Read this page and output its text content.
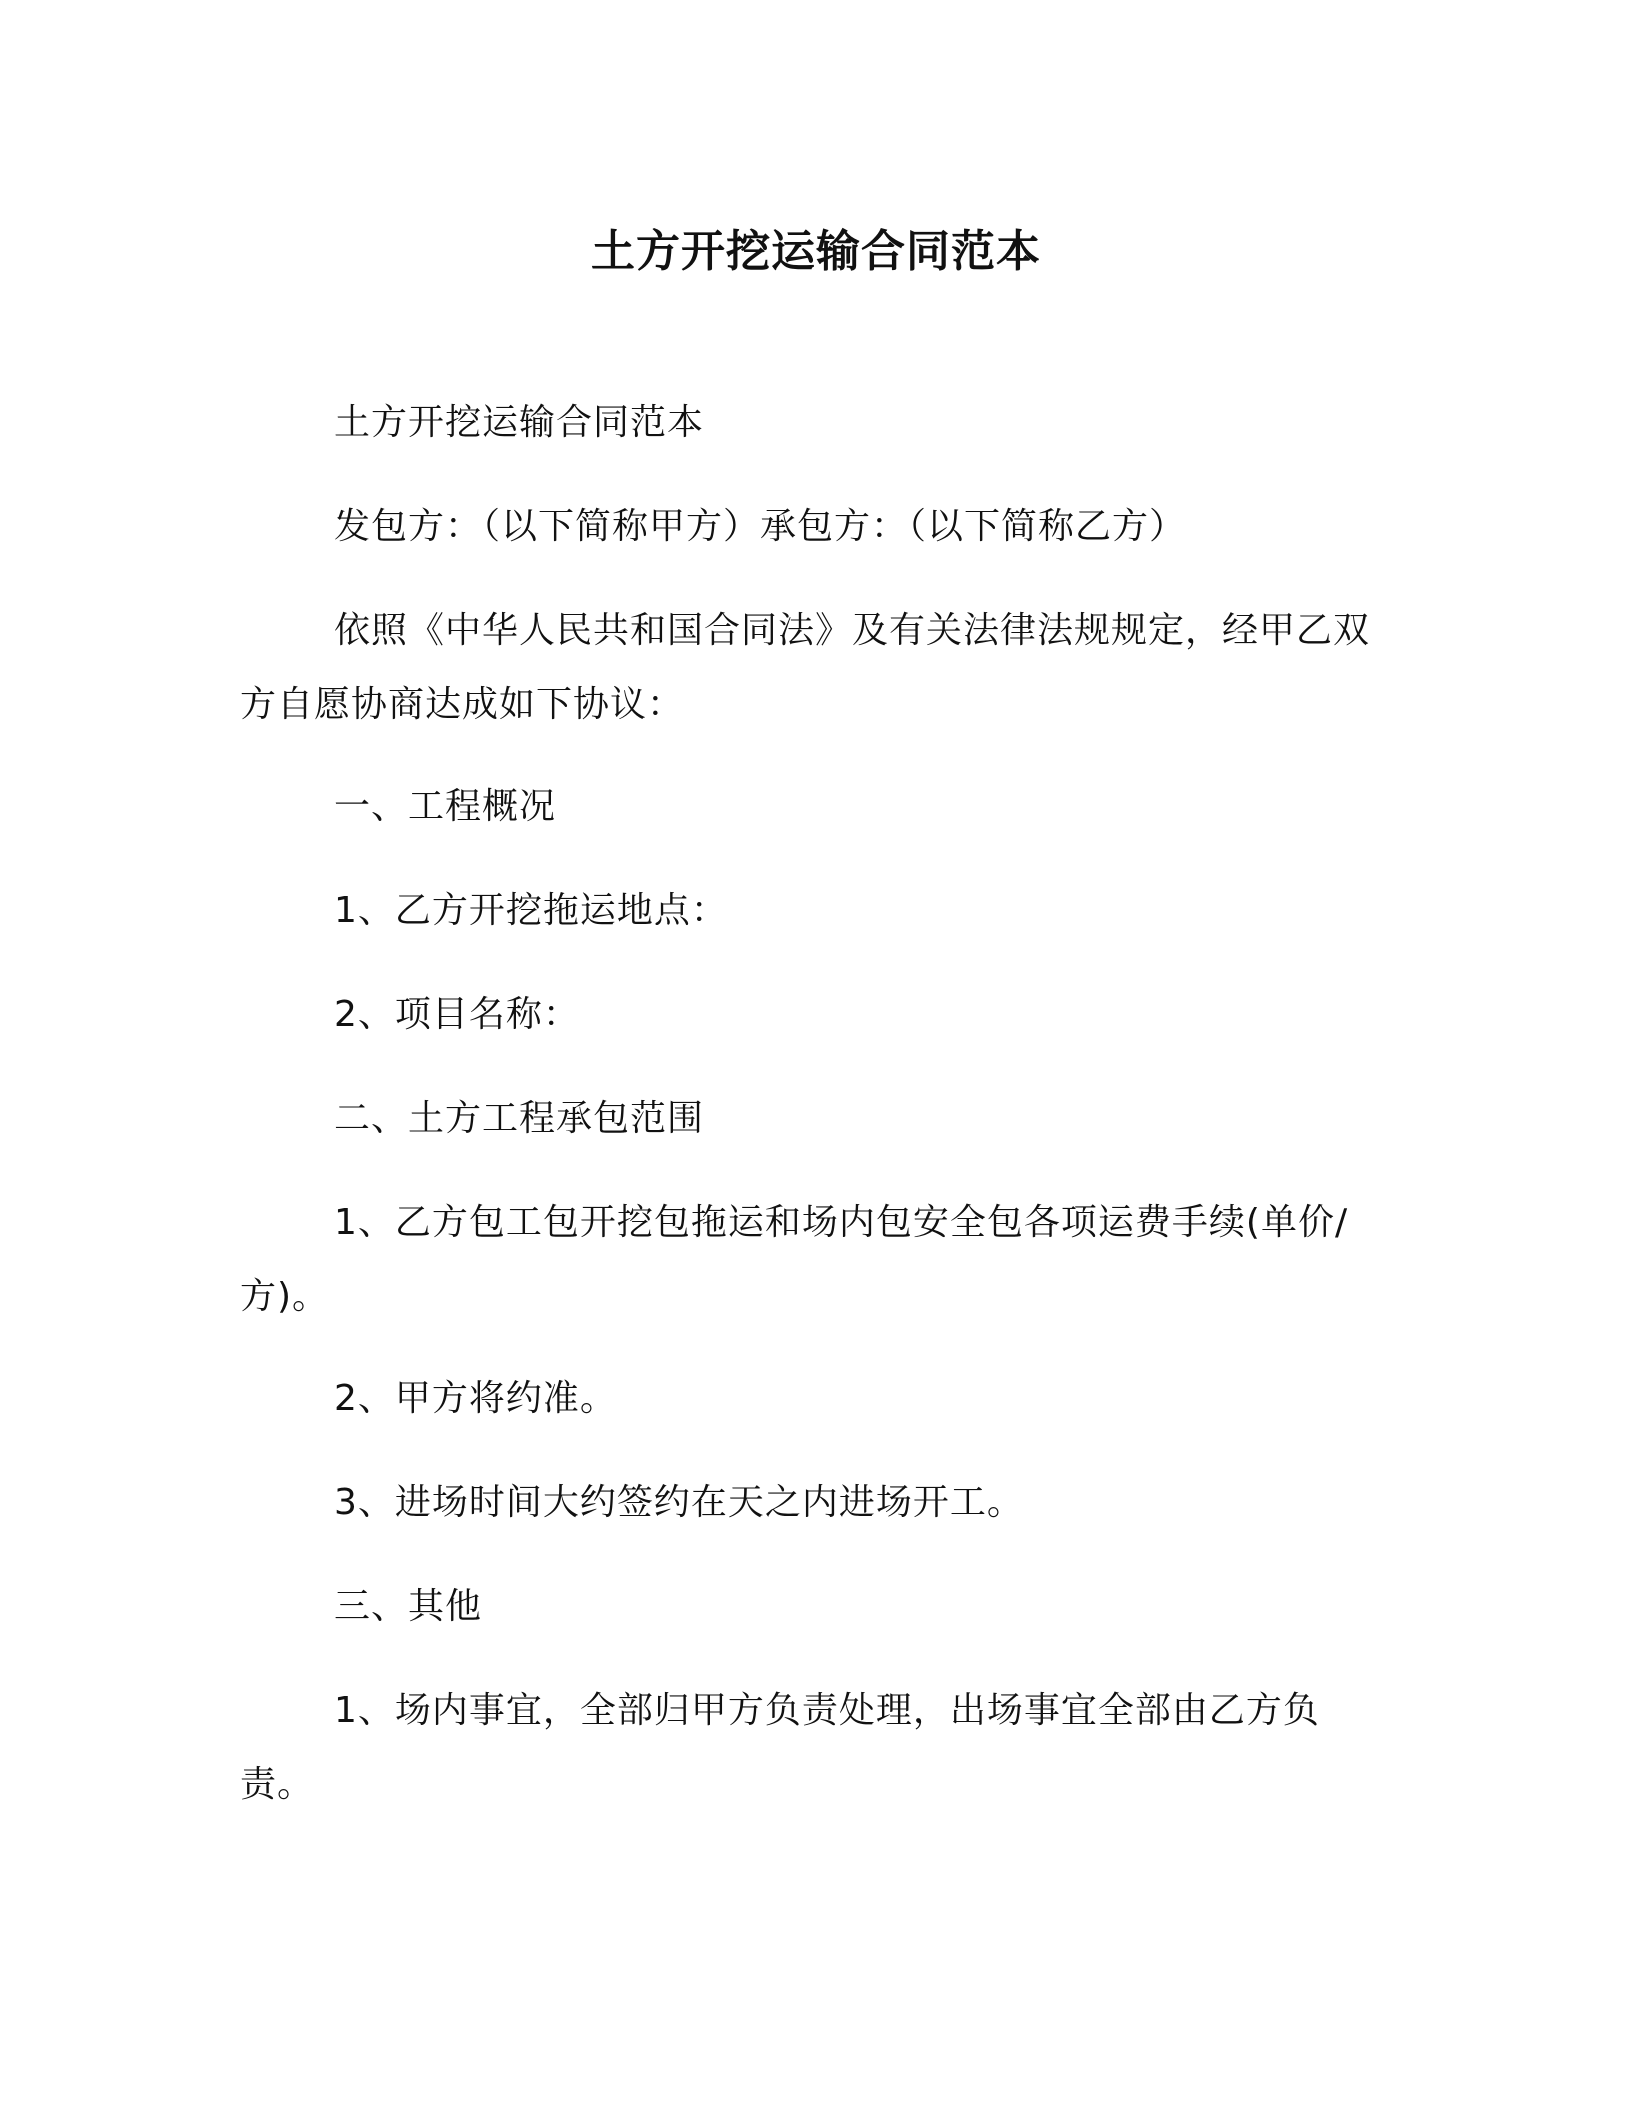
土方开挖运输合同范本
土方开挖运输合同范本
发包方：（以下简称甲方）承包方：（以下简称乙方）
依照《中华人民共和国合同法》及有关法律法规规定，经甲乙双方自愿协商达成如下协议：
一、工程概况
1、乙方开挖拖运地点：
2、项目名称：
二、土方工程承包范围
1、乙方包工包开挖包拖运和场内包安全包各项运费手续(单价/方)。
2、甲方将约准。
3、进场时间大约签约在天之内进场开工。
三、其他
1、场内事宜，全部归甲方负责处理，出场事宜全部由乙方负责。
